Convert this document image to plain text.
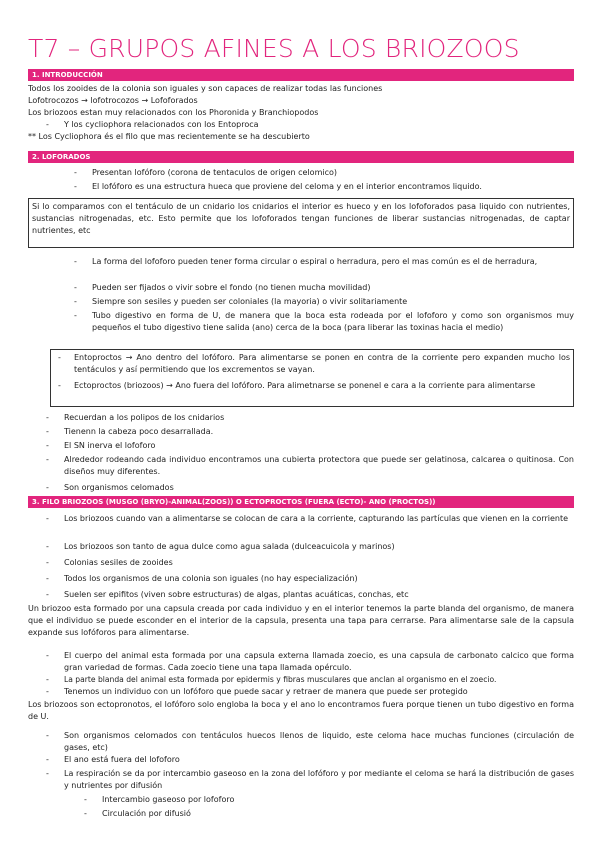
T7 – GRUPOS AFINES A LOS BRIOZOOS
1. INTRODUCCIÓN
Todos los zooides de la colonia son iguales y son capaces de realizar todas las funciones
Lofotrocozos → lofotrocozos → Lofoforados
Los briozoos estan muy relacionados con los Phoronida y Branchiopodos
- Y los cycliophora relacionados con los Entoproca
** Los Cycliophora és el filo que mas recientemente se ha descubierto
2. LOFORADOS
- Presentan lofóforo (corona de tentaculos de origen celomico)
- El lofóforo es una estructura hueca que proviene del celoma y en el interior encontramos liquido.
Si lo comparamos con el tentáculo de un cnidario los cnidarios el interior es hueco y en los lofoforados pasa liquido con nutrientes, sustancias nitrogenadas, etc. Esto permite que los lofoforados tengan funciones de liberar sustancias nitrogenadas, de captar nutrientes, etc
- La forma del lofoforo pueden tener forma circular o espiral o herradura, pero el mas común es el de herradura,
- Pueden ser fijados o vivir sobre el fondo (no tienen mucha movilidad)
- Siempre son sesiles y pueden ser coloniales (la mayoria) o vivir solitariamente
- Tubo digestivo en forma de U, de manera que la boca esta rodeada por el lofoforo y como son organismos muy pequeños el tubo digestivo tiene salida (ano) cerca de la boca (para liberar las toxinas hacia el medio)
- Entoproctos → Ano dentro del lofóforo. Para alimentarse se ponen en contra de la corriente pero expanden mucho los tentáculos y así permitiendo que los excrementos se vayan.
- Ectoproctos (briozoos) → Ano fuera del lofóforo. Para alimetnarse se ponenel e cara a la corriente para alimentarse
- Recuerdan a los polipos de los cnidarios
- Tienenn la cabeza poco desarrallada.
- El SN inerva el lofoforo
- Alrededor rodeando cada individuo encontramos una cubierta protectora que puede ser gelatinosa, calcarea o quitinosa. Con diseños muy diferentes.
- Son organismos celomados
3. FILO BRIOZOOS (MUSGO (BRYO)-ANIMAL(ZOOS)) O ECTOPROCTOS (FUERA (ECTO)- ANO (PROCTOS))
- Los briozoos cuando van a alimentarse se colocan de cara a la corriente, capturando las partículas que vienen en la corriente
- Los briozoos son tanto de agua dulce como agua salada (dulceacuicola y marinos)
- Colonias sesiles de zooides
- Todos los organismos de una colonia son iguales (no hay especialización)
- Suelen ser epifitos (viven sobre estructuras) de algas, plantas acuáticas, conchas, etc
Un briozoo esta formado por una capsula creada por cada individuo y en el interior tenemos la parte blanda del organismo, de manera que el individuo se puede esconder en el interior de la capsula, presenta una tapa para cerrarse. Para alimentarse sale de la capsula expande sus lofóforos para alimentarse.
- El cuerpo del animal esta formada por una capsula externa llamada zoecio, es una capsula de carbonato calcico que forma gran variedad de formas. Cada zoecio tiene una tapa llamada opérculo.
- La parte blanda del animal esta formada por epidermis y fibras musculares que anclan al organismo en el zoecio.
- Tenemos un individuo con un lofóforo que puede sacar y retraer de manera que puede ser protegido
Los briozoos son ectopronotos, el lofóforo solo engloba la boca y el ano lo encontramos fuera porque tienen un tubo digestivo en forma de U.
- Son organismos celomados con tentáculos huecos llenos de liquido, este celoma hace muchas funciones (circulación de gases, etc)
- El ano está fuera del lofoforo
- La respiración se da por intercambio gaseoso en la zona del lofóforo y por mediante el celoma se hará la distribución de gases y nutrientes por difusión
- Intercambio gaseoso por lofoforo
- Circulación por difusió
